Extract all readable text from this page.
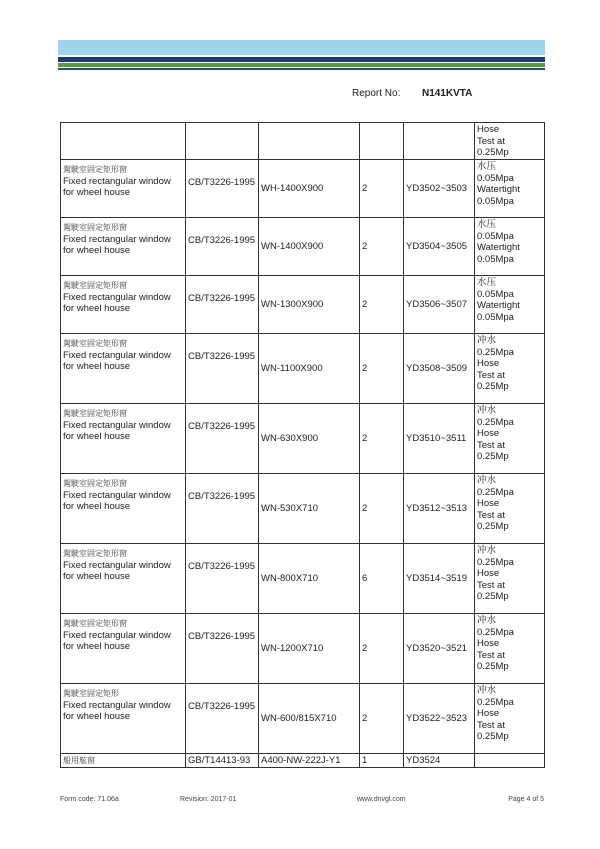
Report No: N141KVTA

					Hose
Test at
0.25Mp

駕駛室固定矩形窗
Fixed rectangular window for wheel house	CB/T3226-1995	WH-1400X900	2	YD3502~3503	水压
0.05Mpa
Watertight
0.05Mpa

駕駛室固定矩形窗
Fixed rectangular window for wheel house	CB/T3226-1995	WN-1400X900	2	YD3504~3505	水压
0.05Mpa
Watertight
0.05Mpa

駕駛室固定矩形窗
Fixed rectangular window for wheel house	CB/T3226-1995	WN-1300X900	2	YD3506~3507	水压
0.05Mpa
Watertight
0.05Mpa

駕駛室固定矩形窗
Fixed rectangular window for wheel house	CB/T3226-1995	WN-1100X900	2	YD3508~3509	冲水
0.25Mpa
Hose
Test at
0.25Mp

駕駛室固定矩形窗
Fixed rectangular window for wheel house	CB/T3226-1995	WN-630X900	2	YD3510~3511	冲水
0.25Mpa
Hose
Test at
0.25Mp

駕駛室固定矩形窗
Fixed rectangular window for wheel house	CB/T3226-1995	WN-530X710	2	YD3512~3513	冲水
0.25Mpa
Hose
Test at
0.25Mp

駕駛室固定矩形窗
Fixed rectangular window for wheel house	CB/T3226-1995	WN-800X710	6	YD3514~3519	冲水
0.25Mpa
Hose
Test at
0.25Mp

駕駛室固定矩形窗
Fixed rectangular window for wheel house	CB/T3226-1995	WN-1200X710	2	YD3520~3521	冲水
0.25Mpa
Hose
Test at
0.25Mp

駕駛室固定矩形
Fixed rectangular window for wheel house	CB/T3226-1995	WN-600/815X710	2	YD3522~3523	冲水
0.25Mpa
Hose
Test at
0.25Mp

船用舷窗	GB/T14413-93	A400-NW-222J-Y1	1	YD3524	
Form code: 71.06a	Revision: 2017-01	www.dnvgl.com	Page 4 of 5
